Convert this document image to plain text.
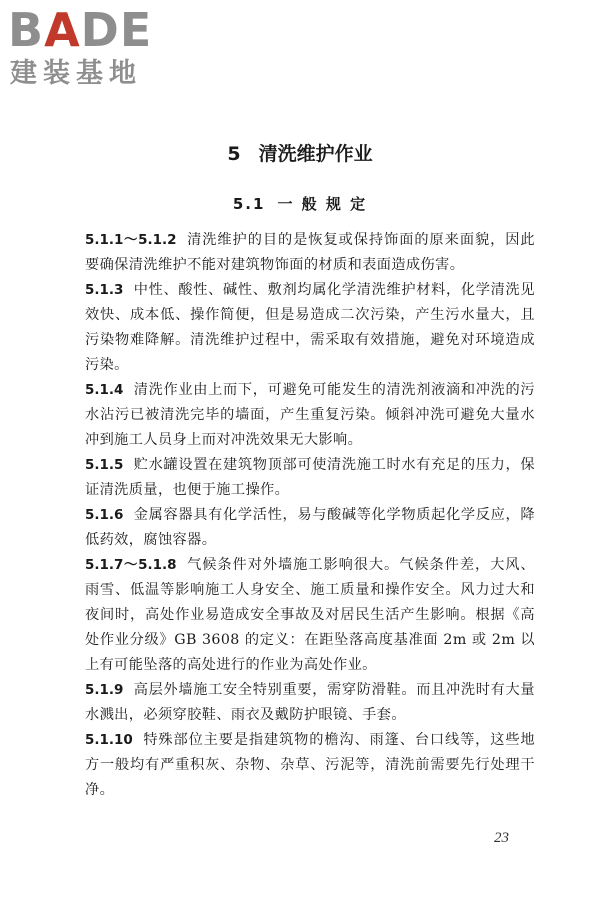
BADE
建装基地
5 清洗维护作业
5.1 一 般 规 定

5.1.1～5.1.2 清洗维护的目的是恢复或保持饰面的原来面貌，因此要确保清洗维护不能对建筑物饰面的材质和表面造成伤害。

5.1.3 中性、酸性、碱性、敷剂均属化学清洗维护材料，化学清洗见效快、成本低、操作简便，但是易造成二次污染，产生污水量大，且污染物难降解。清洗维护过程中，需采取有效措施，避免对环境造成污染。

5.1.4 清洗作业由上而下，可避免可能发生的清洗剂液滴和冲洗的污水沾污已被清洗完毕的墙面，产生重复污染。倾斜冲洗可避免大量水冲到施工人员身上而对冲洗效果无大影响。

5.1.5 贮水罐设置在建筑物顶部可使清洗施工时水有充足的压力，保证清洗质量，也便于施工操作。

5.1.6 金属容器具有化学活性，易与酸碱等化学物质起化学反应，降低药效，腐蚀容器。

5.1.7～5.1.8 气候条件对外墙施工影响很大。气候条件差，大风、雨雪、低温等影响施工人身安全、施工质量和操作安全。风力过大和夜间时，高处作业易造成安全事故及对居民生活产生影响。根据《高处作业分级》GB 3608 的定义：在距坠落高度基准面 2m 或 2m 以上有可能坠落的高处进行的作业为高处作业。

5.1.9 高层外墙施工安全特别重要，需穿防滑鞋。而且冲洗时有大量水溅出，必须穿胶鞋、雨衣及戴防护眼镜、手套。

5.1.10 特殊部位主要是指建筑物的檐沟、雨篷、台口线等，这些地方一般均有严重积灰、杂物、杂草、污泥等，清洗前需要先行处理干净。

23
